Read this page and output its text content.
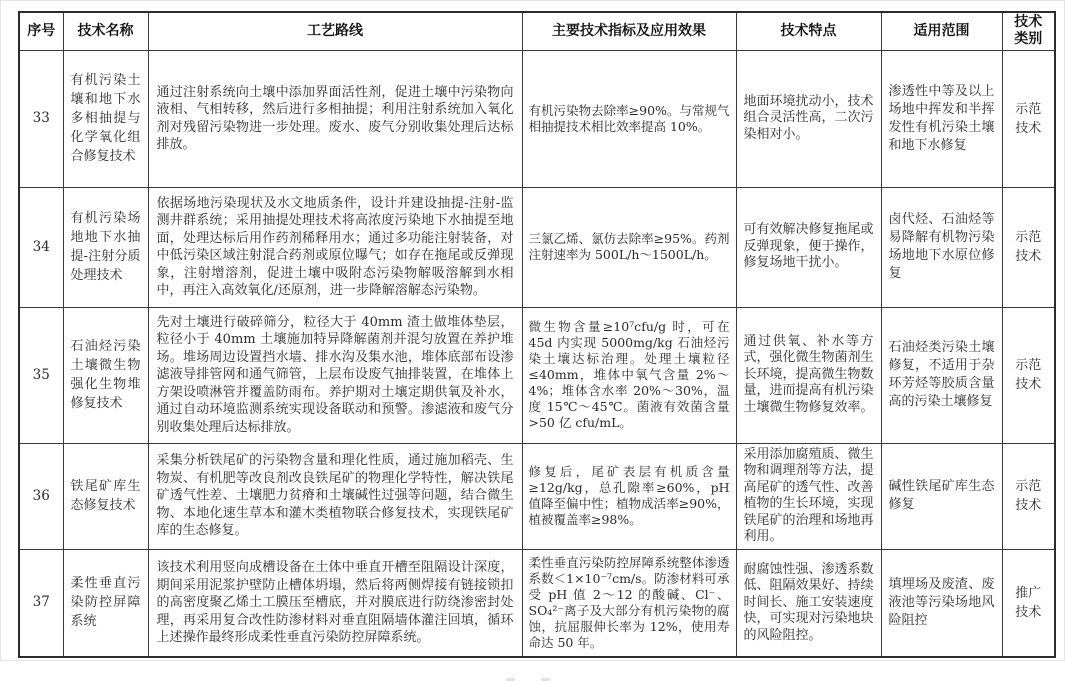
序号	技术名称	工艺路线	主要技术指标及应用效果	技术特点	适用范围	技术类别
33	有机污染土壤和地下水多相抽提与化学氧化组合修复技术	通过注射系统向土壤中添加界面活性剂，促进土壤中污染物向液相、气相转移，然后进行多相抽提；利用注射系统加入氧化剂对残留污染物进一步处理。废水、废气分别收集处理后达标排放。	有机污染物去除率≥90%。与常规气相抽提技术相比效率提高 10%。	地面环境扰动小，技术组合灵活性高，二次污染相对小。	渗透性中等及以上场地中挥发和半挥发性有机污染土壤和地下水修复	示范技术
34	有机污染场地地下水抽提-注射分质处理技术	依据场地污染现状及水文地质条件，设计并建设抽提-注射-监测井群系统；采用抽提处理技术将高浓度污染地下水抽提至地面，处理达标后用作药剂稀释用水；通过多功能注射装备，对中低污染区域注射混合药剂或原位曝气；如存在拖尾或反弹现象，注射增溶剂，促进土壤中吸附态污染物解吸溶解到水相中，再注入高效氧化/还原剂，进一步降解溶解态污染物。	三氯乙烯、氯仿去除率≥95%。药剂注射速率为 500L/h～1500L/h。	可有效解决修复拖尾或反弹现象，便于操作，修复场地干扰小。	卤代烃、石油烃等易降解有机物污染场地地下水原位修复	示范技术
35	石油烃污染土壤微生物强化生物堆修复技术	先对土壤进行破碎筛分，粒径大于 40mm 渣土做堆体垫层，粒径小于 40mm 土壤施加特异降解菌剂并混匀放置在养护堆场。堆场周边设置挡水墙、排水沟及集水池，堆体底部布设渗滤液导排管网和通气筛管，上层布设废气抽排装置，在堆体上方架设喷淋管并覆盖防雨布。养护期对土壤定期供氧及补水，通过自动环境监测系统实现设备联动和预警。渗滤液和废气分别收集处理后达标排放。	微生物含量≥10⁷cfu/g 时，可在 45d 内实现 5000mg/kg 石油烃污染土壤达标治理。处理土壤粒径≤40mm，堆体中氧气含量 2%～4%；堆体含水率 20%～30%，温度 15℃～45℃。菌液有效菌含量>50 亿 cfu/mL。	通过供氧、补水等方式，强化微生物菌剂生长环境，提高微生物数量，进而提高有机污染土壤微生物修复效率。	石油烃类污染土壤修复，不适用于杂环芳烃等胶质含量高的污染土壤修复	示范技术
36	铁尾矿库生态修复技术	采集分析铁尾矿的污染物含量和理化性质，通过施加稻壳、生物炭、有机肥等改良剂改良铁尾矿的物理化学特性，解决铁尾矿透气性差、土壤肥力贫瘠和土壤碱性过强等问题，结合微生物、本地化速生草本和灌木类植物联合修复技术，实现铁尾矿库的生态修复。	修复后，尾矿表层有机质含量≥12g/kg，总孔隙率≥60%，pH 值降至偏中性；植物成活率≥90%，植被覆盖率≥98%。	采用添加腐殖质、微生物和调理剂等方法，提高尾矿的透气性、改善植物的生长环境，实现铁尾矿的治理和场地再利用。	碱性铁尾矿库生态修复	示范技术
37	柔性垂直污染防控屏障系统	该技术利用竖向成槽设备在土体中垂直开槽至阻隔设计深度，期间采用泥浆护壁防止槽体坍塌，然后将两侧焊接有链接锁扣的高密度聚乙烯土工膜压至槽底，并对膜底进行防绕渗密封处理，再采用复合改性防渗材料对垂直阻隔墙体灌注回填，循环上述操作最终形成柔性垂直污染防控屏障系统。	柔性垂直污染防控屏障系统整体渗透系数＜1×10⁻⁷cm/s。防渗材料可承受 pH 值 2～12 的酸碱、Cl⁻、SO₄²⁻离子及大部分有机污染物的腐蚀，抗屈服伸长率为 12%，使用寿命达 50 年。	耐腐蚀性强、渗透系数低、阻隔效果好、持续时间长、施工安装速度快，可实现对污染地块的风险阻控。	填埋场及废渣、废液池等污染场地风险阻控	推广技术
